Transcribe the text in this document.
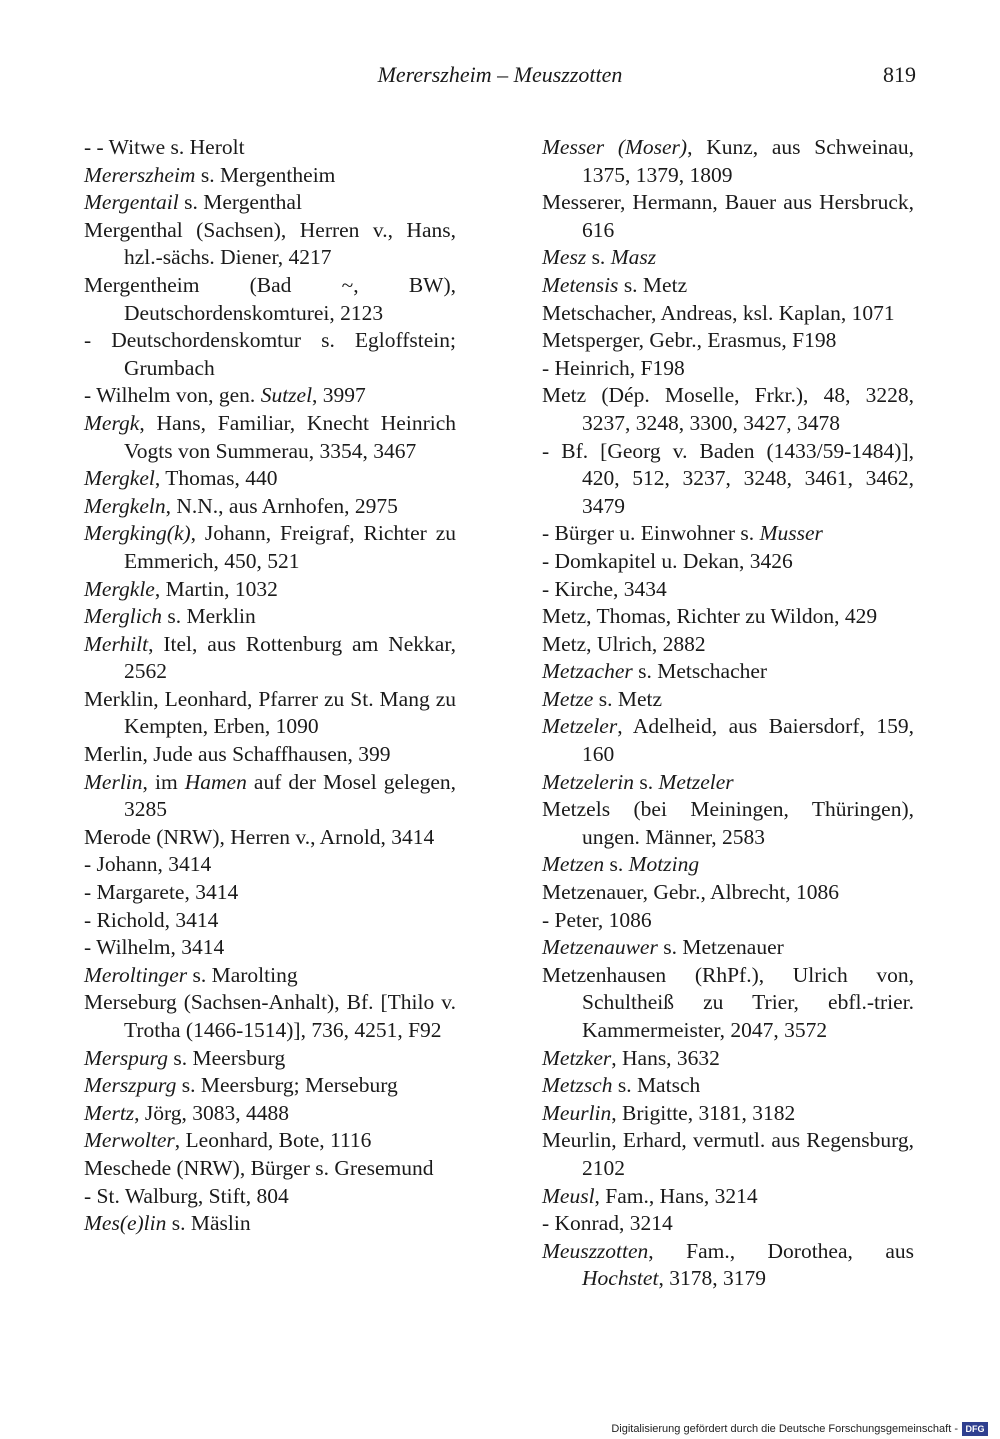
Mererszheim – Meuszzotten	819
- - Witwe s. Herolt
Mererszheim s. Mergentheim
Mergentail s. Mergenthal
Mergenthal (Sachsen), Herren v., Hans, hzl.-sächs. Diener, 4217
Mergentheim (Bad ~, BW), Deutschordenskomturei, 2123
- Deutschordenskomtur s. Egloffstein; Grumbach
- Wilhelm von, gen. Sutzel, 3997
Mergk, Hans, Familiar, Knecht Heinrich Vogts von Summerau, 3354, 3467
Mergkel, Thomas, 440
Mergkeln, N.N., aus Arnhofen, 2975
Mergking(k), Johann, Freigraf, Richter zu Emmerich, 450, 521
Mergkle, Martin, 1032
Merglich s. Merklin
Merhilt, Itel, aus Rottenburg am Nekkar, 2562
Merklin, Leonhard, Pfarrer zu St. Mang zu Kempten, Erben, 1090
Merlin, Jude aus Schaffhausen, 399
Merlin, im Hamen auf der Mosel gelegen, 3285
Merode (NRW), Herren v., Arnold, 3414
- Johann, 3414
- Margarete, 3414
- Richold, 3414
- Wilhelm, 3414
Meroltinger s. Marolting
Merseburg (Sachsen-Anhalt), Bf. [Thilo v. Trotha (1466-1514)], 736, 4251, F92
Merspurg s. Meersburg
Merszpurg s. Meersburg; Merseburg
Mertz, Jörg, 3083, 4488
Merwolter, Leonhard, Bote, 1116
Meschede (NRW), Bürger s. Gresemund
- St. Walburg, Stift, 804
Mes(e)lin s. Mäslin
Messer (Moser), Kunz, aus Schweinau, 1375, 1379, 1809
Messerer, Hermann, Bauer aus Hersbruck, 616
Mesz s. Masz
Metensis s. Metz
Metschacher, Andreas, ksl. Kaplan, 1071
Metsperger, Gebr., Erasmus, F198
- Heinrich, F198
Metz (Dép. Moselle, Frkr.), 48, 3228, 3237, 3248, 3300, 3427, 3478
- Bf. [Georg v. Baden (1433/59-1484)], 420, 512, 3237, 3248, 3461, 3462, 3479
- Bürger u. Einwohner s. Musser
- Domkapitel u. Dekan, 3426
- Kirche, 3434
Metz, Thomas, Richter zu Wildon, 429
Metz, Ulrich, 2882
Metzacher s. Metschacher
Metze s. Metz
Metzeler, Adelheid, aus Baiersdorf, 159, 160
Metzelerin s. Metzeler
Metzels (bei Meiningen, Thüringen), ungen. Männer, 2583
Metzen s. Motzing
Metzenauer, Gebr., Albrecht, 1086
- Peter, 1086
Metzenauwer s. Metzenauer
Metzenhausen (RhPf.), Ulrich von, Schultheiß zu Trier, ebfl.-trier. Kammermeister, 2047, 3572
Metzker, Hans, 3632
Metzsch s. Matsch
Meurlin, Brigitte, 3181, 3182
Meurlin, Erhard, vermutl. aus Regensburg, 2102
Meusl, Fam., Hans, 3214
- Konrad, 3214
Meuszzotten, Fam., Dorothea, aus Hochstet, 3178, 3179
Digitalisierung gefördert durch die Deutsche Forschungsgemeinschaft - DFG
